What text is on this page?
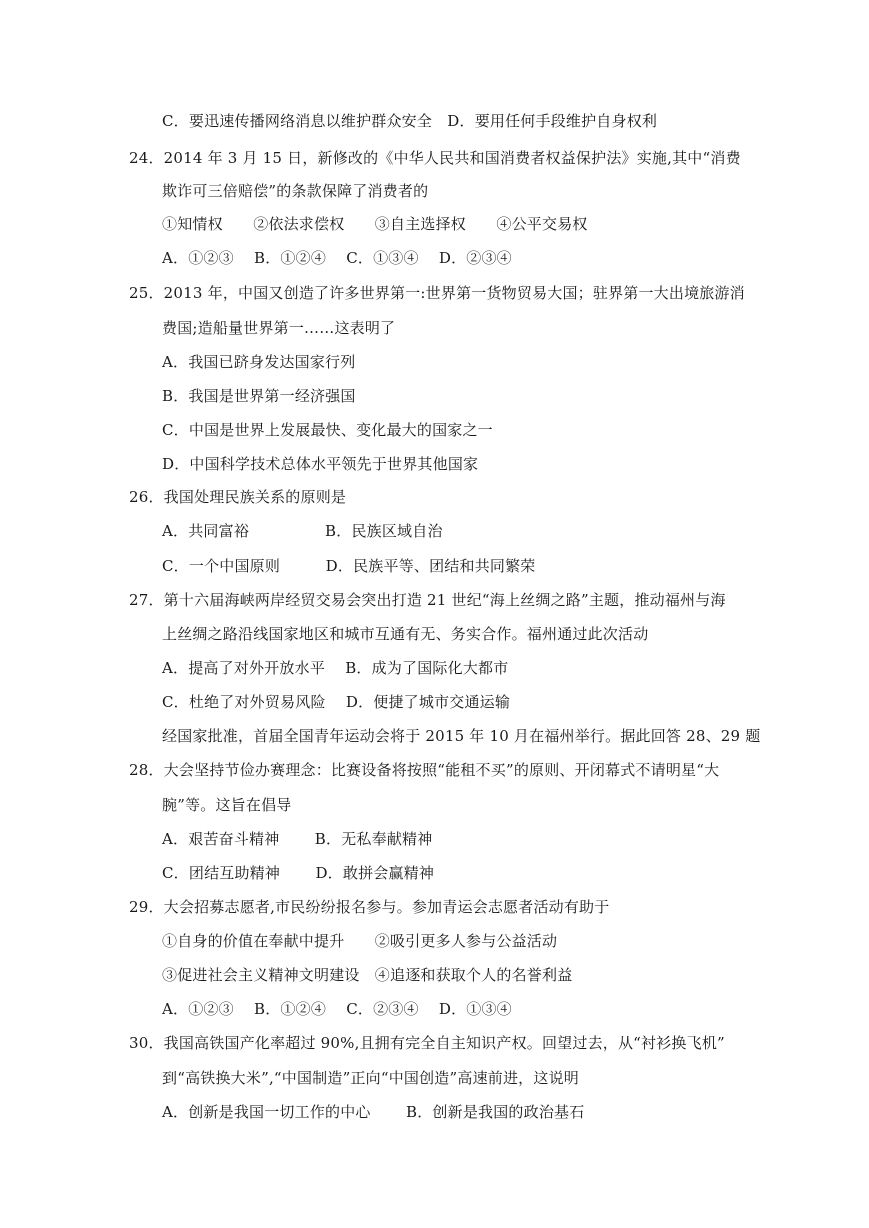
C．要迅速传播网络消息以维护群众安全　D．要用任何手段维护自身权利
24．2014 年 3 月 15 日，新修改的《中华人民共和国消费者权益保护法》实施,其中“消费
欺诈可三倍赔偿”的条款保障了消费者的
①知情权　　②依法求偿权　　③自主选择权　　④公平交易权
A．①②③　 B．①②④　 C．①③④　 D．②③④
25．2013 年，中国又创造了许多世界第一:世界第一货物贸易大国；驻界第一大出境旅游消
费国;造船量世界第一……这表明了
A．我国已跻身发达国家行列
B．我国是世界第一经济强国
C．中国是世界上发展最快、变化最大的国家之一
D．中国科学技术总体水平领先于世界其他国家
26．我国处理民族关系的原则是
A．共同富裕　　　　　B．民族区域自治
C．一个中国原则　　　D．民族平等、团结和共同繁荣
27．第十六届海峡两岸经贸交易会突出打造 21 世纪“海上丝绸之路”主题，推动福州与海
上丝绸之路沿线国家地区和城市互通有无、务实合作。福州通过此次活动
A．提高了对外开放水平　 B．成为了国际化大都市
C．杜绝了对外贸易风险　 D．便捷了城市交通运输
经国家批准，首届全国青年运动会将于 2015 年 10 月在福州举行。据此回答 28、29 题
28．大会坚持节俭办赛理念：比赛设备将按照“能租不买”的原则、开闭幕式不请明星“大
腕”等。这旨在倡导
A．艰苦奋斗精神　　 B．无私奉献精神
C．团结互助精神　　 D．敢拼会赢精神
29．大会招募志愿者,市民纷纷报名参与。参加青运会志愿者活动有助于
①自身的价值在奉献中提升　　②吸引更多人参与公益活动
③促进社会主义精神文明建设　④追逐和获取个人的名誉利益
A．①②③　 B．①②④　 C．②③④　 D．①③④
30．我国高铁国产化率超过 90%,且拥有完全自主知识产权。回望过去，从“衬衫换飞机”
到“高铁换大米”,“中国制造”正向“中国创造”高速前进，这说明
A．创新是我国一切工作的中心　　 B．创新是我国的政治基石
